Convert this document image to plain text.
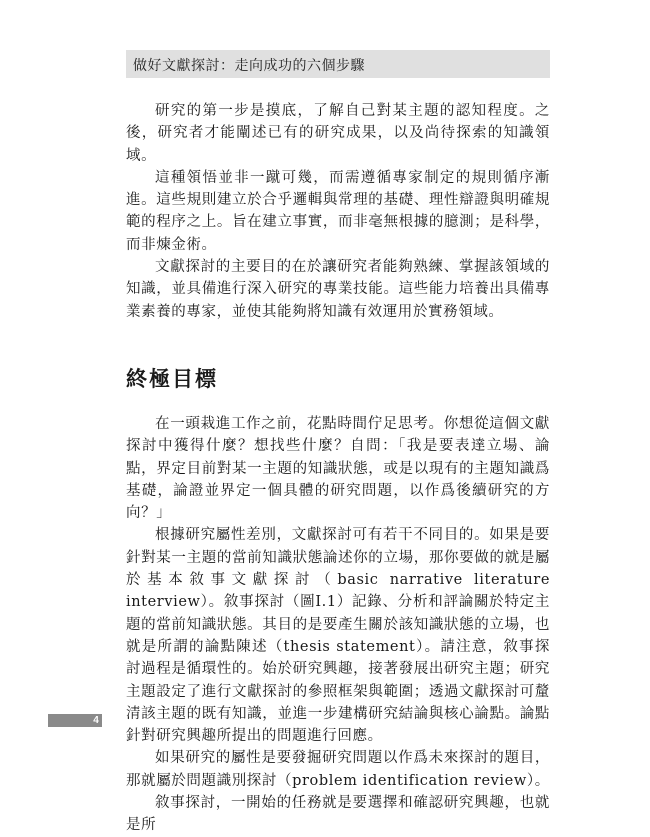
做好文獻探討：走向成功的六個步驟

研究的第一步是摸底，了解自己對某主題的認知程度。之後，研究者才能闡述已有的研究成果，以及尚待探索的知識領域。

這種領悟並非一蹴可幾，而需遵循專家制定的規則循序漸進。這些規則建立於合乎邏輯與常理的基礎、理性辯證與明確規範的程序之上。旨在建立事實，而非毫無根據的臆測；是科學，而非煉金術。

文獻探討的主要目的在於讓研究者能夠熟練、掌握該領域的知識，並具備進行深入研究的專業技能。這些能力培養出具備專業素養的專家，並使其能夠將知識有效運用於實務領域。

終極目標

在一頭栽進工作之前，花點時間佇足思考。你想從這個文獻探討中獲得什麼？想找些什麼？自問：「我是要表達立場、論點，界定目前對某一主題的知識狀態，或是以現有的主題知識爲基礎，論證並界定一個具體的研究問題，以作爲後續研究的方向？」

根據研究屬性差別，文獻探討可有若干不同目的。如果是要針對某一主題的當前知識狀態論述你的立場，那你要做的就是屬於基本敘事文獻探討（basic narrative literature interview）。敘事探討（圖I.1）記錄、分析和評論關於特定主題的當前知識狀態。其目的是要產生關於該知識狀態的立場，也就是所謂的論點陳述（thesis statement）。請注意，敘事探討過程是循環性的。始於研究興趣，接著發展出研究主題；研究主題設定了進行文獻探討的參照框架與範圍；透過文獻探討可釐清該主題的既有知識，並進一步建構研究結論與核心論點。論點針對研究興趣所提出的問題進行回應。

如果研究的屬性是要發掘研究問題以作爲未來探討的題目，那就屬於問題識別探討（problem identification review）。

敘事探討，一開始的任務就是要選擇和確認研究興趣，也就是所

4
